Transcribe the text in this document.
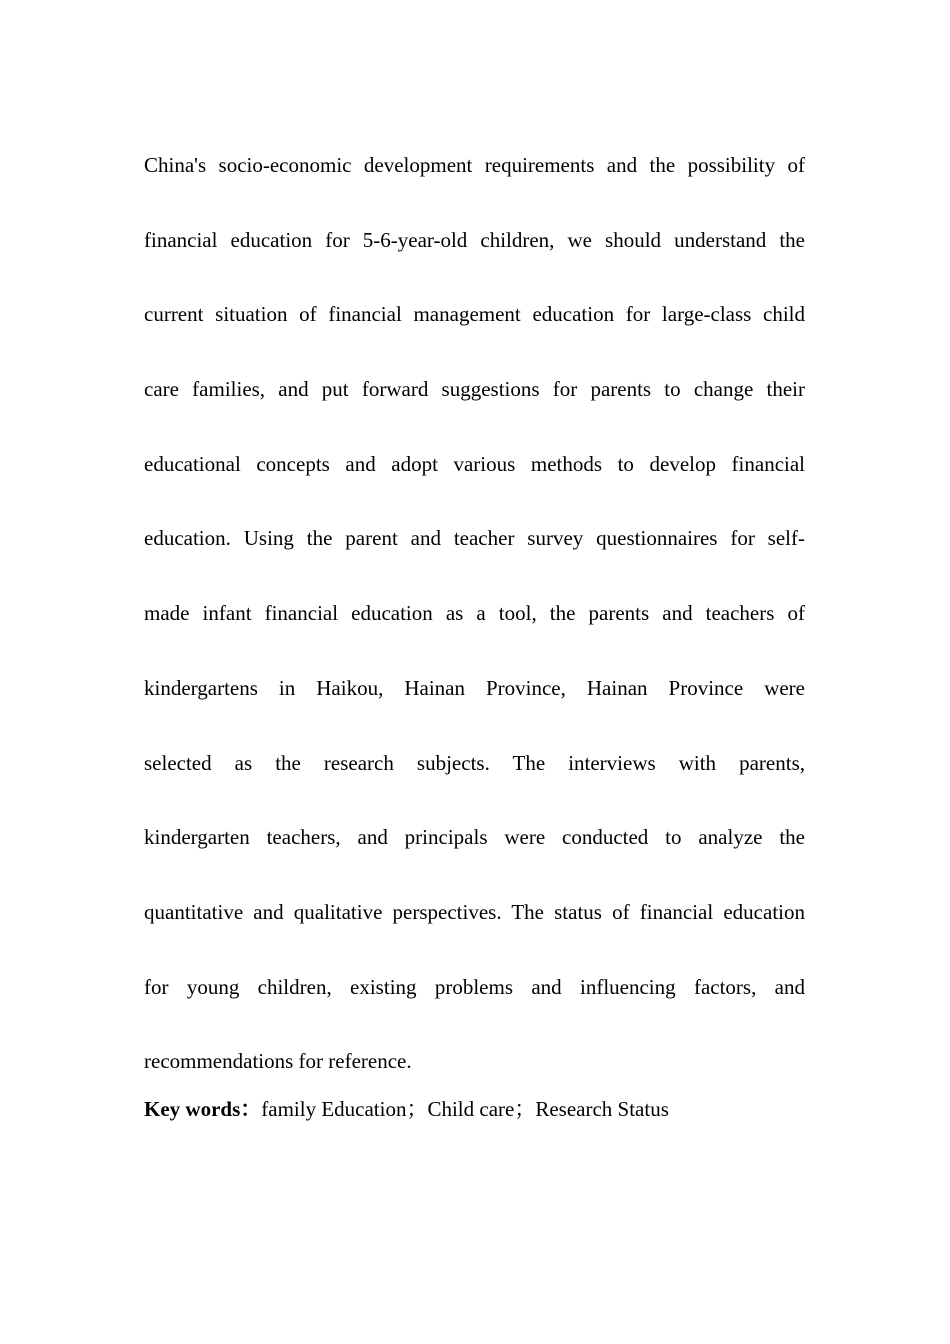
China's socio-economic development requirements and the possibility of
financial education for 5-6-year-old children, we should understand the
current situation of financial management education for large-class child
care families, and put forward suggestions for parents to change their
educational concepts and adopt various methods to develop financial
education. Using the parent and teacher survey questionnaires for self-
made infant financial education as a tool, the parents and teachers of
kindergartens in Haikou, Hainan Province, Hainan Province were
selected as the research subjects. The interviews with parents,
kindergarten teachers, and principals were conducted to analyze the
quantitative and qualitative perspectives. The status of financial education
for young children, existing problems and influencing factors, and
recommendations for reference.

Key words：family Education；Child care；Research Status
